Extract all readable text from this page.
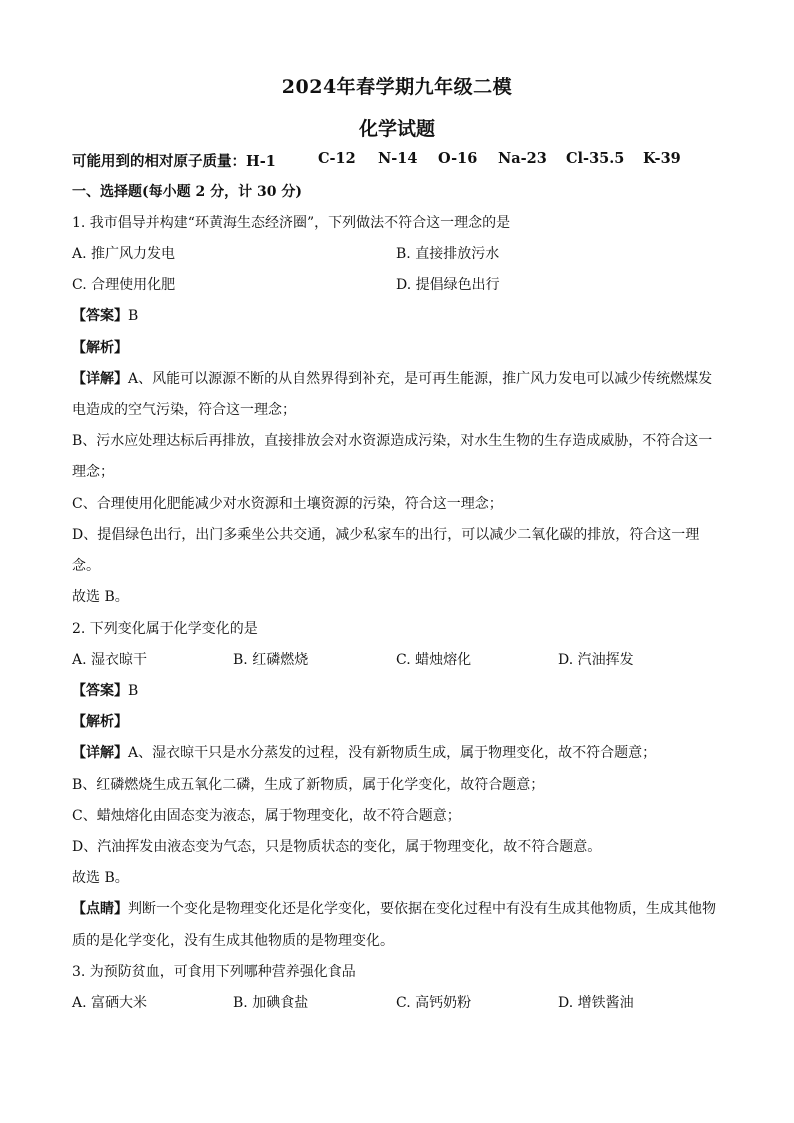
2024年春学期九年级二模
化学试题
可能用到的相对原子质量：H-1	C-12 N-14 O-16 Na-23 Cl-35.5 K-39
一、选择题(每小题 2 分，计 30 分)
1. 我市倡导并构建“环黄海生态经济圈”，下列做法不符合这一理念的是
A. 推广风力发电	B. 直接排放污水
C. 合理使用化肥	D. 提倡绿色出行
【答案】B
【解析】
【详解】A、风能可以源源不断的从自然界得到补充，是可再生能源，推广风力发电可以减少传统燃煤发
电造成的空气污染，符合这一理念；
B、污水应处理达标后再排放，直接排放会对水资源造成污染，对水生生物的生存造成威胁，不符合这一
理念；
C、合理使用化肥能减少对水资源和土壤资源的污染，符合这一理念；
D、提倡绿色出行，出门多乘坐公共交通，减少私家车的出行，可以减少二氧化碳的排放，符合这一理
念。
故选 B。
2. 下列变化属于化学变化的是
A. 湿衣晾干	B. 红磷燃烧	C. 蜡烛熔化	D. 汽油挥发
【答案】B
【解析】
【详解】A、湿衣晾干只是水分蒸发的过程，没有新物质生成，属于物理变化，故不符合题意；
B、红磷燃烧生成五氧化二磷，生成了新物质，属于化学变化，故符合题意；
C、蜡烛熔化由固态变为液态，属于物理变化，故不符合题意；
D、汽油挥发由液态变为气态，只是物质状态的变化，属于物理变化，故不符合题意。
故选 B。
【点睛】判断一个变化是物理变化还是化学变化，要依据在变化过程中有没有生成其他物质，生成其他物
质的是化学变化，没有生成其他物质的是物理变化。
3. 为预防贫血，可食用下列哪种营养强化食品
A. 富硒大米	B. 加碘食盐	C. 高钙奶粉	D. 增铁酱油
